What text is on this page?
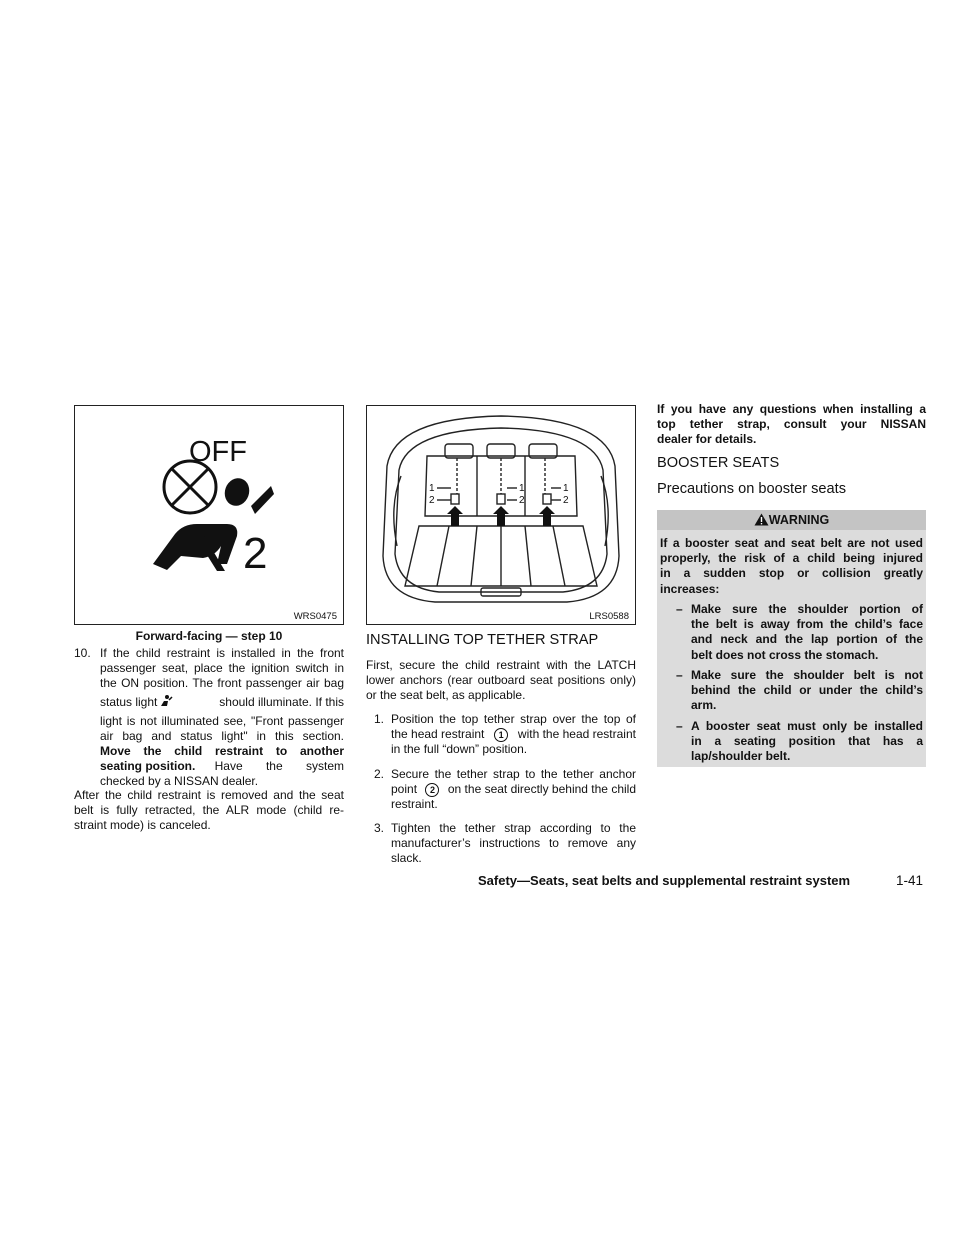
OFF
2
WRS0475
Forward-facing — step 10
10. If the child restraint is installed in the front

passenger seat, place the ignition switch in

the ON position. The front passenger air bag

status light	should illuminate. If this

light is not illuminated see, "Front passenger

air bag and status light" in this section.

Move the child restraint to another

seating position.	Have the system

checked by a NISSAN dealer.

After the child restraint is removed and the seat

belt is fully retracted, the ALR mode (child re-

straint mode) is canceled.

1
2
1
2
1
2
LRS0588
INSTALLING TOP TETHER STRAP

First, secure the child restraint with the LATCH

lower anchors (rear outboard seat positions only)

or the seat belt, as applicable.

1. Position the top tether strap over the top of

the head restraint	1	with the head restraint

in the full “down” position.

2. Secure the tether strap to the tether anchor

point	2	on the seat directly behind the child

restraint.

3. Tighten the tether strap according to the

manufacturer’s instructions to remove any

slack.

If you have any questions when installing a

top tether strap, consult your NISSAN

dealer for details.

BOOSTER SEATS
Precautions on booster seats
WARNING

If a booster seat and seat belt are not used

properly, the risk of a child being injured

in a sudden stop or collision greatly

increases:

– Make sure the shoulder portion of

the belt is away from the child’s face

and neck and the lap portion of the

belt does not cross the stomach.

– Make sure the shoulder belt is not

behind the child or under the child’s

arm.

– A booster seat must only be installed

in a seating position that has a

lap/shoulder belt.

Safety—Seats, seat belts and supplemental restraint system	1-41
